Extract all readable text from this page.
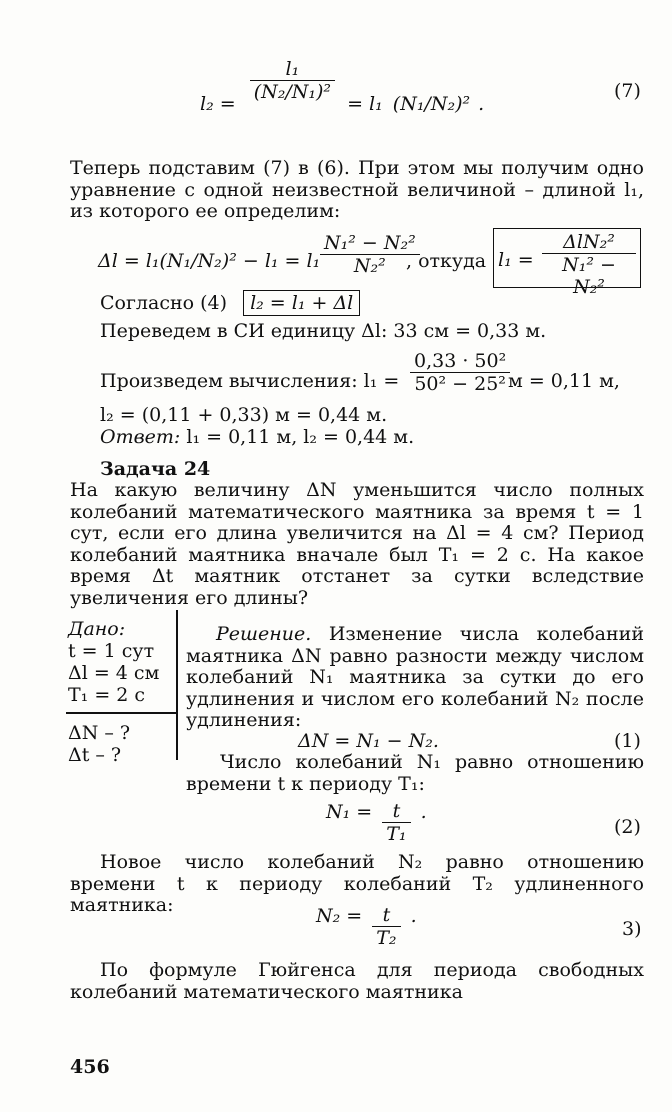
l₂ =
$\frac{\text{l₁}}{\text{(N₂/N₁)²}}$
= l₁ (N₁/N₂)² .
(7)
Теперь подставим (7) в (6). При этом мы получим одно уравнение с одной неизвестной величиной – длиной l₁, из которого ее определим:
$\Delta l = l_1(N_1/N_2)^2 - l_1 = l_1 \frac{\text{N₁² − N₂²}}{\text{N₂²}}$
, откуда l₁ =
ΔlN₂²
N₁² − N₂²
Согласно (4) l₂ = l₁ + Δl
Переведем в СИ единицу Δl: 33 см = 0,33 м.
Произведем вычисления: $l_1 = \frac{\text{0,33 · 50²}}{\text{50² − 25²}}$
м = 0,11 м,
l₂ = (0,11 + 0,33) м = 0,44 м.
Ответ: l₁ = 0,11 м, l₂ = 0,44 м.
Задача 24
На какую величину ΔN уменьшится число полных колебаний математического маятника за время t = 1 сут, если его длина увеличится на Δl = 4 см? Период колебаний маятника вначале был T₁ = 2 с. На какое время Δt маятник отстанет за сутки вследствие увеличения его длины?
Дано:
t = 1 сут
Δl = 4 см
T₁ = 2 с
ΔN – ?
Δt – ?
Решение. Изменение числа колебаний маятника ΔN равно разности между числом колебаний N₁ маятника за сутки до его удлинения и числом его колебаний N₂ после удлинения:
ΔN = N₁ − N₂.	(1)
Число колебаний N₁ равно отношению времени t к периоду T₁:
$N_1 = \frac{t}{\text{T₁}}$ .
(2)
Новое число колебаний N₂ равно отношению времени t к периоду колебаний T₂ удлиненного маятника:	$N_2 = \frac{t}{\text{T₂}}$ .
3)
По формуле Гюйгенса для периода свободных колебаний математического маятника
456
